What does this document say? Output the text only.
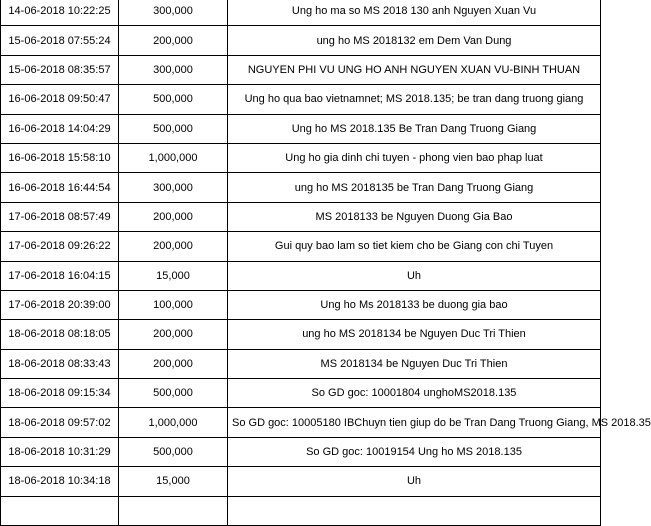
14-06-2018 10:22:25	300,000	Ung ho ma so MS 2018 130 anh Nguyen Xuan Vu
15-06-2018 07:55:24	200,000	ung ho MS 2018132 em Dem Van Dung
15-06-2018 08:35:57	300,000	NGUYEN PHI VU UNG HO ANH NGUYEN XUAN VU-BINH THUAN
16-06-2018 09:50:47	500,000	Ung ho qua bao vietnamnet; MS 2018.135; be tran dang truong giang
16-06-2018 14:04:29	500,000	Ung ho MS 2018.135 Be Tran Dang Truong Giang
16-06-2018 15:58:10	1,000,000	Ung ho gia dinh chi tuyen - phong vien bao phap luat
16-06-2018 16:44:54	300,000	ung ho MS 2018135 be Tran Dang Truong Giang
17-06-2018 08:57:49	200,000	MS 2018133 be Nguyen Duong Gia Bao
17-06-2018 09:26:22	200,000	Gui quy bao lam so tiet kiem cho be Giang con chi Tuyen
17-06-2018 16:04:15	15,000	Uh
17-06-2018 20:39:00	100,000	Ung ho Ms 2018133 be duong gia bao
18-06-2018 08:18:05	200,000	ung ho MS 2018134 be Nguyen Duc Tri Thien
18-06-2018 08:33:43	200,000	MS 2018134 be Nguyen Duc Tri Thien
18-06-2018 09:15:34	500,000	So GD goc: 10001804 unghoMS2018.135
18-06-2018 09:57:02	1,000,000	So GD goc: 10005180 IBChuyn tien giup do be Tran Dang Truong Giang, MS 2018.35
18-06-2018 10:31:29	500,000	So GD goc: 10019154 Ung ho MS 2018.135
18-06-2018 10:34:18	15,000	Uh
